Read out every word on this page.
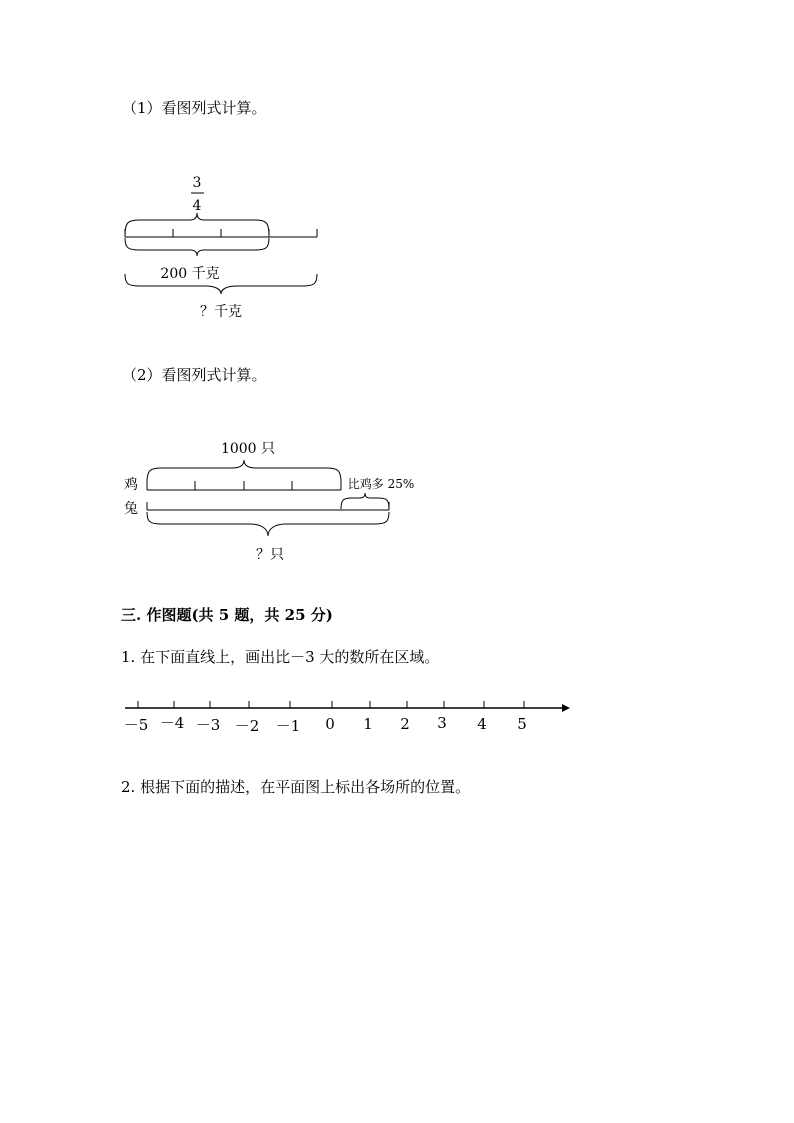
（1）看图列式计算。
3
4
200 千克
？千克
（2）看图列式计算。
1000 只
鸡	比鸡多 25%
兔
？只
三. 作图题(共 5 题，共 25 分)
1. 在下面直线上，画出比－3 大的数所在区域。
－5 －4 －3 －2 －1 0 1 2 3 4 5
2. 根据下面的描述，在平面图上标出各场所的位置。
